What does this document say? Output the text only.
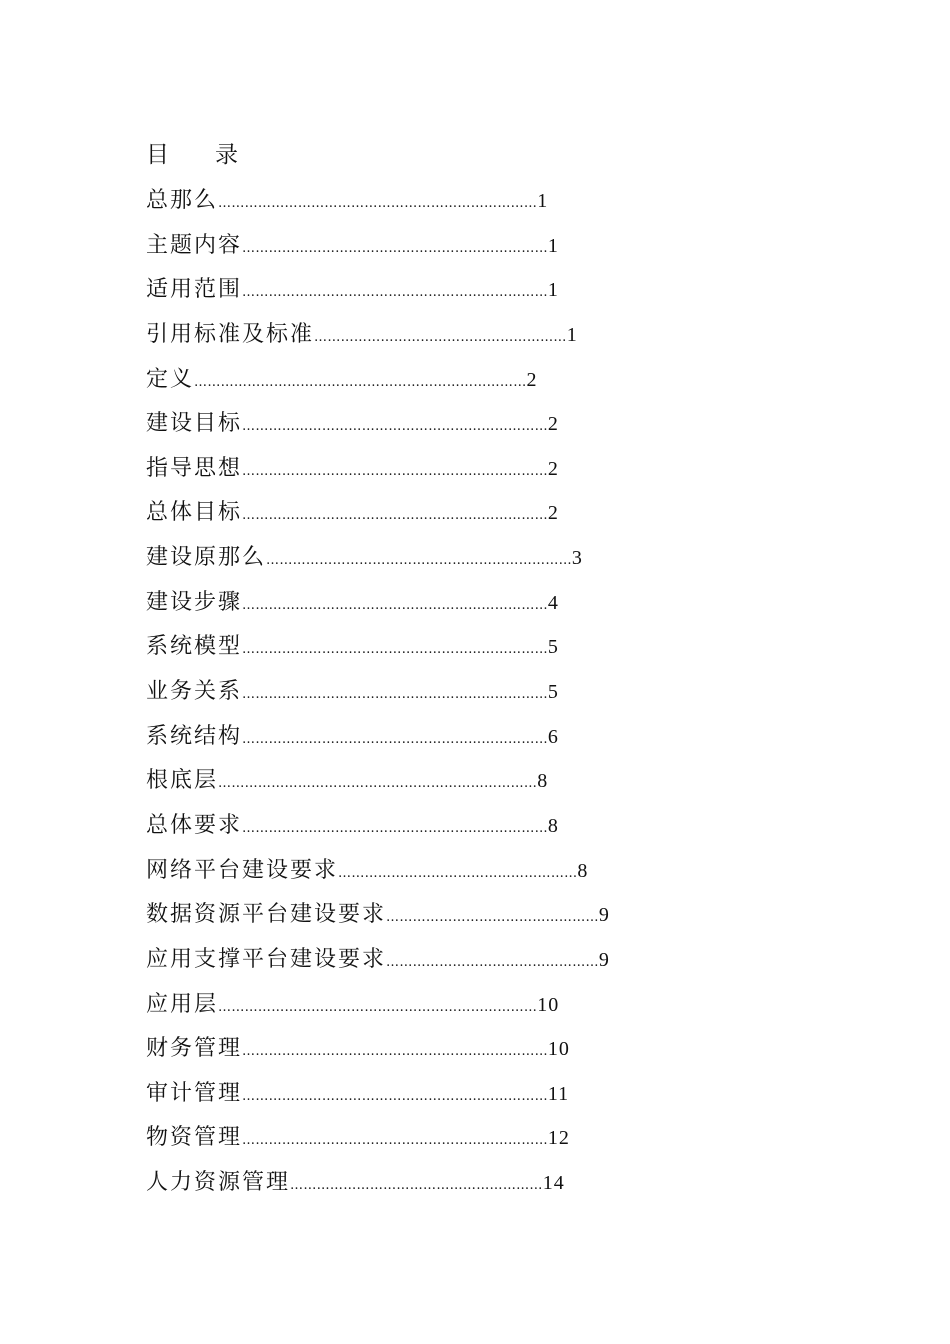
目　　录
总那么 ……………………………………………………………… 1
主题内容 …………………………………………………………… 1
适用范围 …………………………………………………………… 1
引用标准及标准 ………………………………………………… 1
定义 ………………………………………………………………… 2
建设目标 …………………………………………………………… 2
指导思想 …………………………………………………………… 2
总体目标 …………………………………………………………… 2
建设原那么 …………………………………………………………… 3
建设步骤 …………………………………………………………… 4
系统模型 …………………………………………………………… 5
业务关系 …………………………………………………………… 5
系统结构 …………………………………………………………… 6
根底层 ……………………………………………………………… 8
总体要求 …………………………………………………………… 8
网络平台建设要求 ……………………………………………… 8
数据资源平台建设要求 ………………………………………… 9
应用支撑平台建设要求 ………………………………………… 9
应用层 ……………………………………………………………… 10
财务管理 …………………………………………………………… 10
审计管理 …………………………………………………………… 11
物资管理 …………………………………………………………… 12
人力资源管理 ………………………………………………… 14
